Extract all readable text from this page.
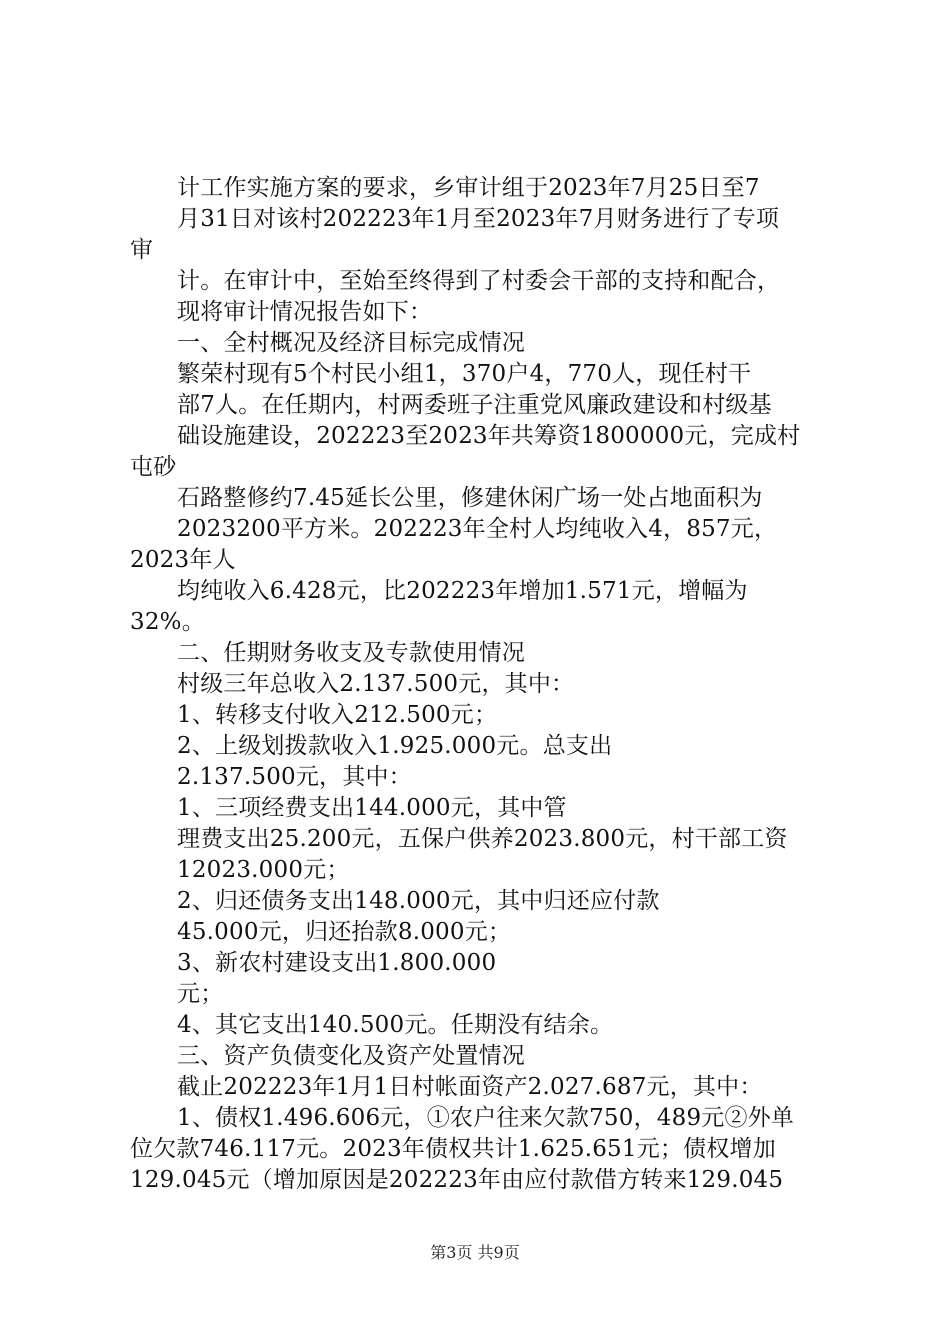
计工作实施方案的要求，乡审计组于2023年7月25日至7
月31日对该村202223年1月至2023年7月财务进行了专项
审
计。在审计中，至始至终得到了村委会干部的支持和配合，
现将审计情况报告如下：
一、全村概况及经济目标完成情况
繁荣村现有5个村民小组1，370户4，770人，现任村干
部7人。在任期内，村两委班子注重党风廉政建设和村级基
础设施建设，202223至2023年共筹资1800000元，完成村
屯砂
石路整修约7.45延长公里，修建休闲广场一处占地面积为
2023200平方米。202223年全村人均纯收入4，857元，
2023年人
均纯收入6.428元，比202223年增加1.571元，增幅为
32%。
二、任期财务收支及专款使用情况
村级三年总收入2.137.500元，其中：
1、转移支付收入212.500元；
2、上级划拨款收入1.925.000元。总支出
2.137.500元，其中：
1、三项经费支出144.000元，其中管
理费支出25.200元，五保户供养2023.800元，村干部工资
12023.000元；
2、归还债务支出148.000元，其中归还应付款
45.000元，归还抬款8.000元；
3、新农村建设支出1.800.000
元；
4、其它支出140.500元。任期没有结余。
三、资产负债变化及资产处置情况
截止202223年1月1日村帐面资产2.027.687元，其中：
1、债权1.496.606元，①农户往来欠款750，489元②外单
位欠款746.117元。2023年债权共计1.625.651元；债权增加
129.045元（增加原因是202223年由应付款借方转来129.045
第3页 共9页
